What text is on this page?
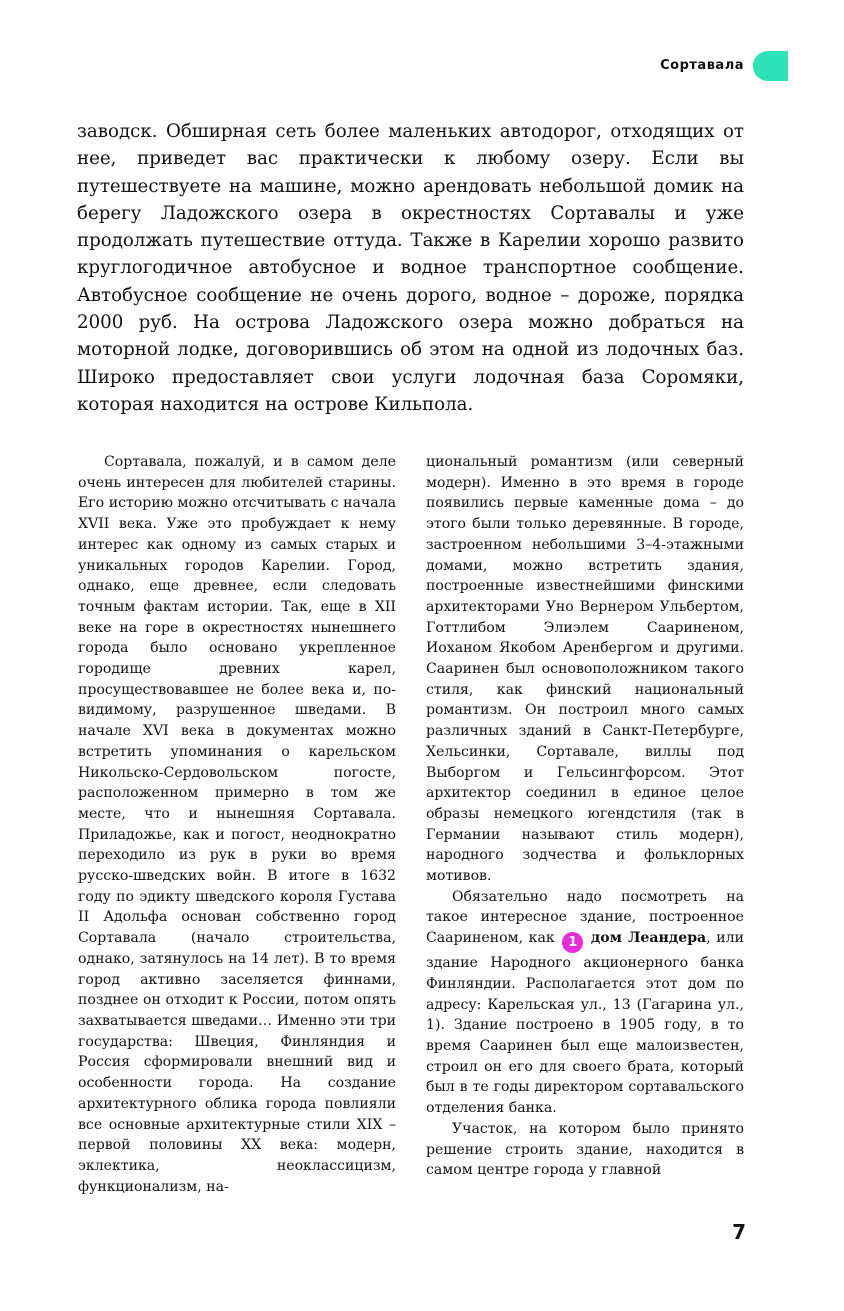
Сортавала

заводск. Обширная сеть более маленьких автодорог, отходящих от нее, приведет вас практически к любому озеру. Если вы путешествуете на машине, можно арендовать небольшой домик на берегу Ладожского озера в окрестностях Сортавалы и уже продолжать путешествие оттуда. Также в Карелии хорошо развито круглогодичное автобусное и водное транспортное сообщение. Автобусное сообщение не очень дорого, водное – дороже, порядка 2000 руб. На острова Ладожского озера можно добраться на моторной лодке, договорившись об этом на одной из лодочных баз. Широко предоставляет свои услуги лодочная база Соромяки, которая находится на острове Кильпола.

Сортавала, пожалуй, и в самом деле очень интересен для любителей старины. Его историю можно отсчитывать с начала XVII века. Уже это пробуждает к нему интерес как одному из самых старых и уникальных городов Карелии. Город, однако, еще древнее, если следовать точным фактам истории. Так, еще в XII веке на горе в окрестностях нынешнего города было основано укрепленное городище древних карел, просуществовавшее не более века и, по-видимому, разрушенное шведами. В начале XVI века в документах можно встретить упоминания о карельском Никольско-Сердовольском погосте, расположенном примерно в том же месте, что и нынешняя Сортавала. Приладожье, как и погост, неоднократно переходило из рук в руки во время русско-шведских войн. В итоге в 1632 году по эдикту шведского короля Густава II Адольфа основан собственно город Сортавала (начало строительства, однако, затянулось на 14 лет). В то время город активно заселяется финнами, позднее он отходит к России, потом опять захватывается шведами… Именно эти три государства: Швеция, Финляндия и Россия сформировали внешний вид и особенности города. На создание архитектурного облика города повлияли все основные архитектурные стили XIX – первой половины XX века: модерн, эклектика, неоклассицизм, функционализм, на-

циональный романтизм (или северный модерн). Именно в это время в городе появились первые каменные дома – до этого были только деревянные. В городе, застроенном небольшими 3–4-этажными домами, можно встретить здания, построенные известнейшими финскими архитекторами Уно Вернером Ульбертом, Готтлибом Элиэлем Саариненом, Иоханом Якобом Аренбергом и другими. Сааринен был основоположником такого стиля, как финский национальный романтизм. Он построил много самых различных зданий в Санкт-Петербурге, Хельсинки, Сортавале, виллы под Выборгом и Гельсингфорсом. Этот архитектор соединил в единое целое образы немецкого югендстиля (так в Германии называют стиль модерн), народного зодчества и фольклорных мотивов.

Обязательно надо посмотреть на такое интересное здание, построенное Саариненом, как 1 дом Леандера, или здание Народного акционерного банка Финляндии. Располагается этот дом по адресу: Карельская ул., 13 (Гагарина ул., 1). Здание построено в 1905 году, в то время Сааринен был еще малоизвестен, строил он его для своего брата, который был в те годы директором сортавальского отделения банка.

Участок, на котором было принято решение строить здание, находится в самом центре города у главной

7
